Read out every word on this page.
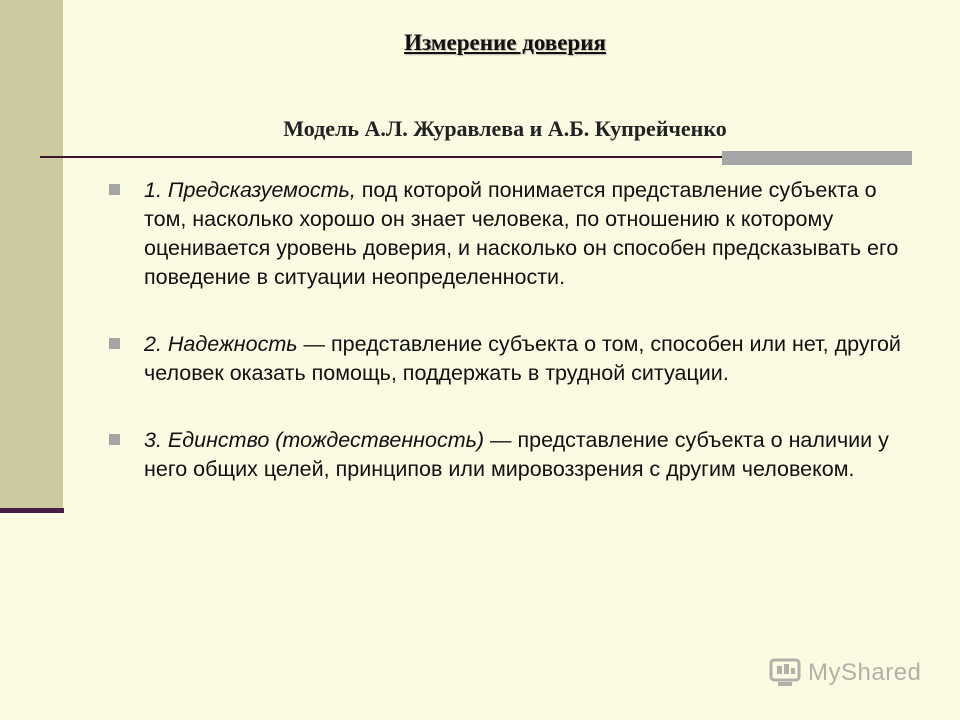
Измерение доверия
Модель А.Л. Журавлева и А.Б. Купрейченко
1. Предсказуемость, под которой понимается представление субъекта о том, насколько хорошо он знает человека, по отношению к которому оценивается уровень доверия, и насколько он способен предсказывать его поведение в ситуации неопределенности.
2. Надежность — представление субъекта о том, способен или нет, другой человек оказать помощь, поддержать в трудной ситуации.
3. Единство (тождественность) — представление субъекта о наличии у него общих целей, принципов или мировоззрения с другим человеком.
MyShared
